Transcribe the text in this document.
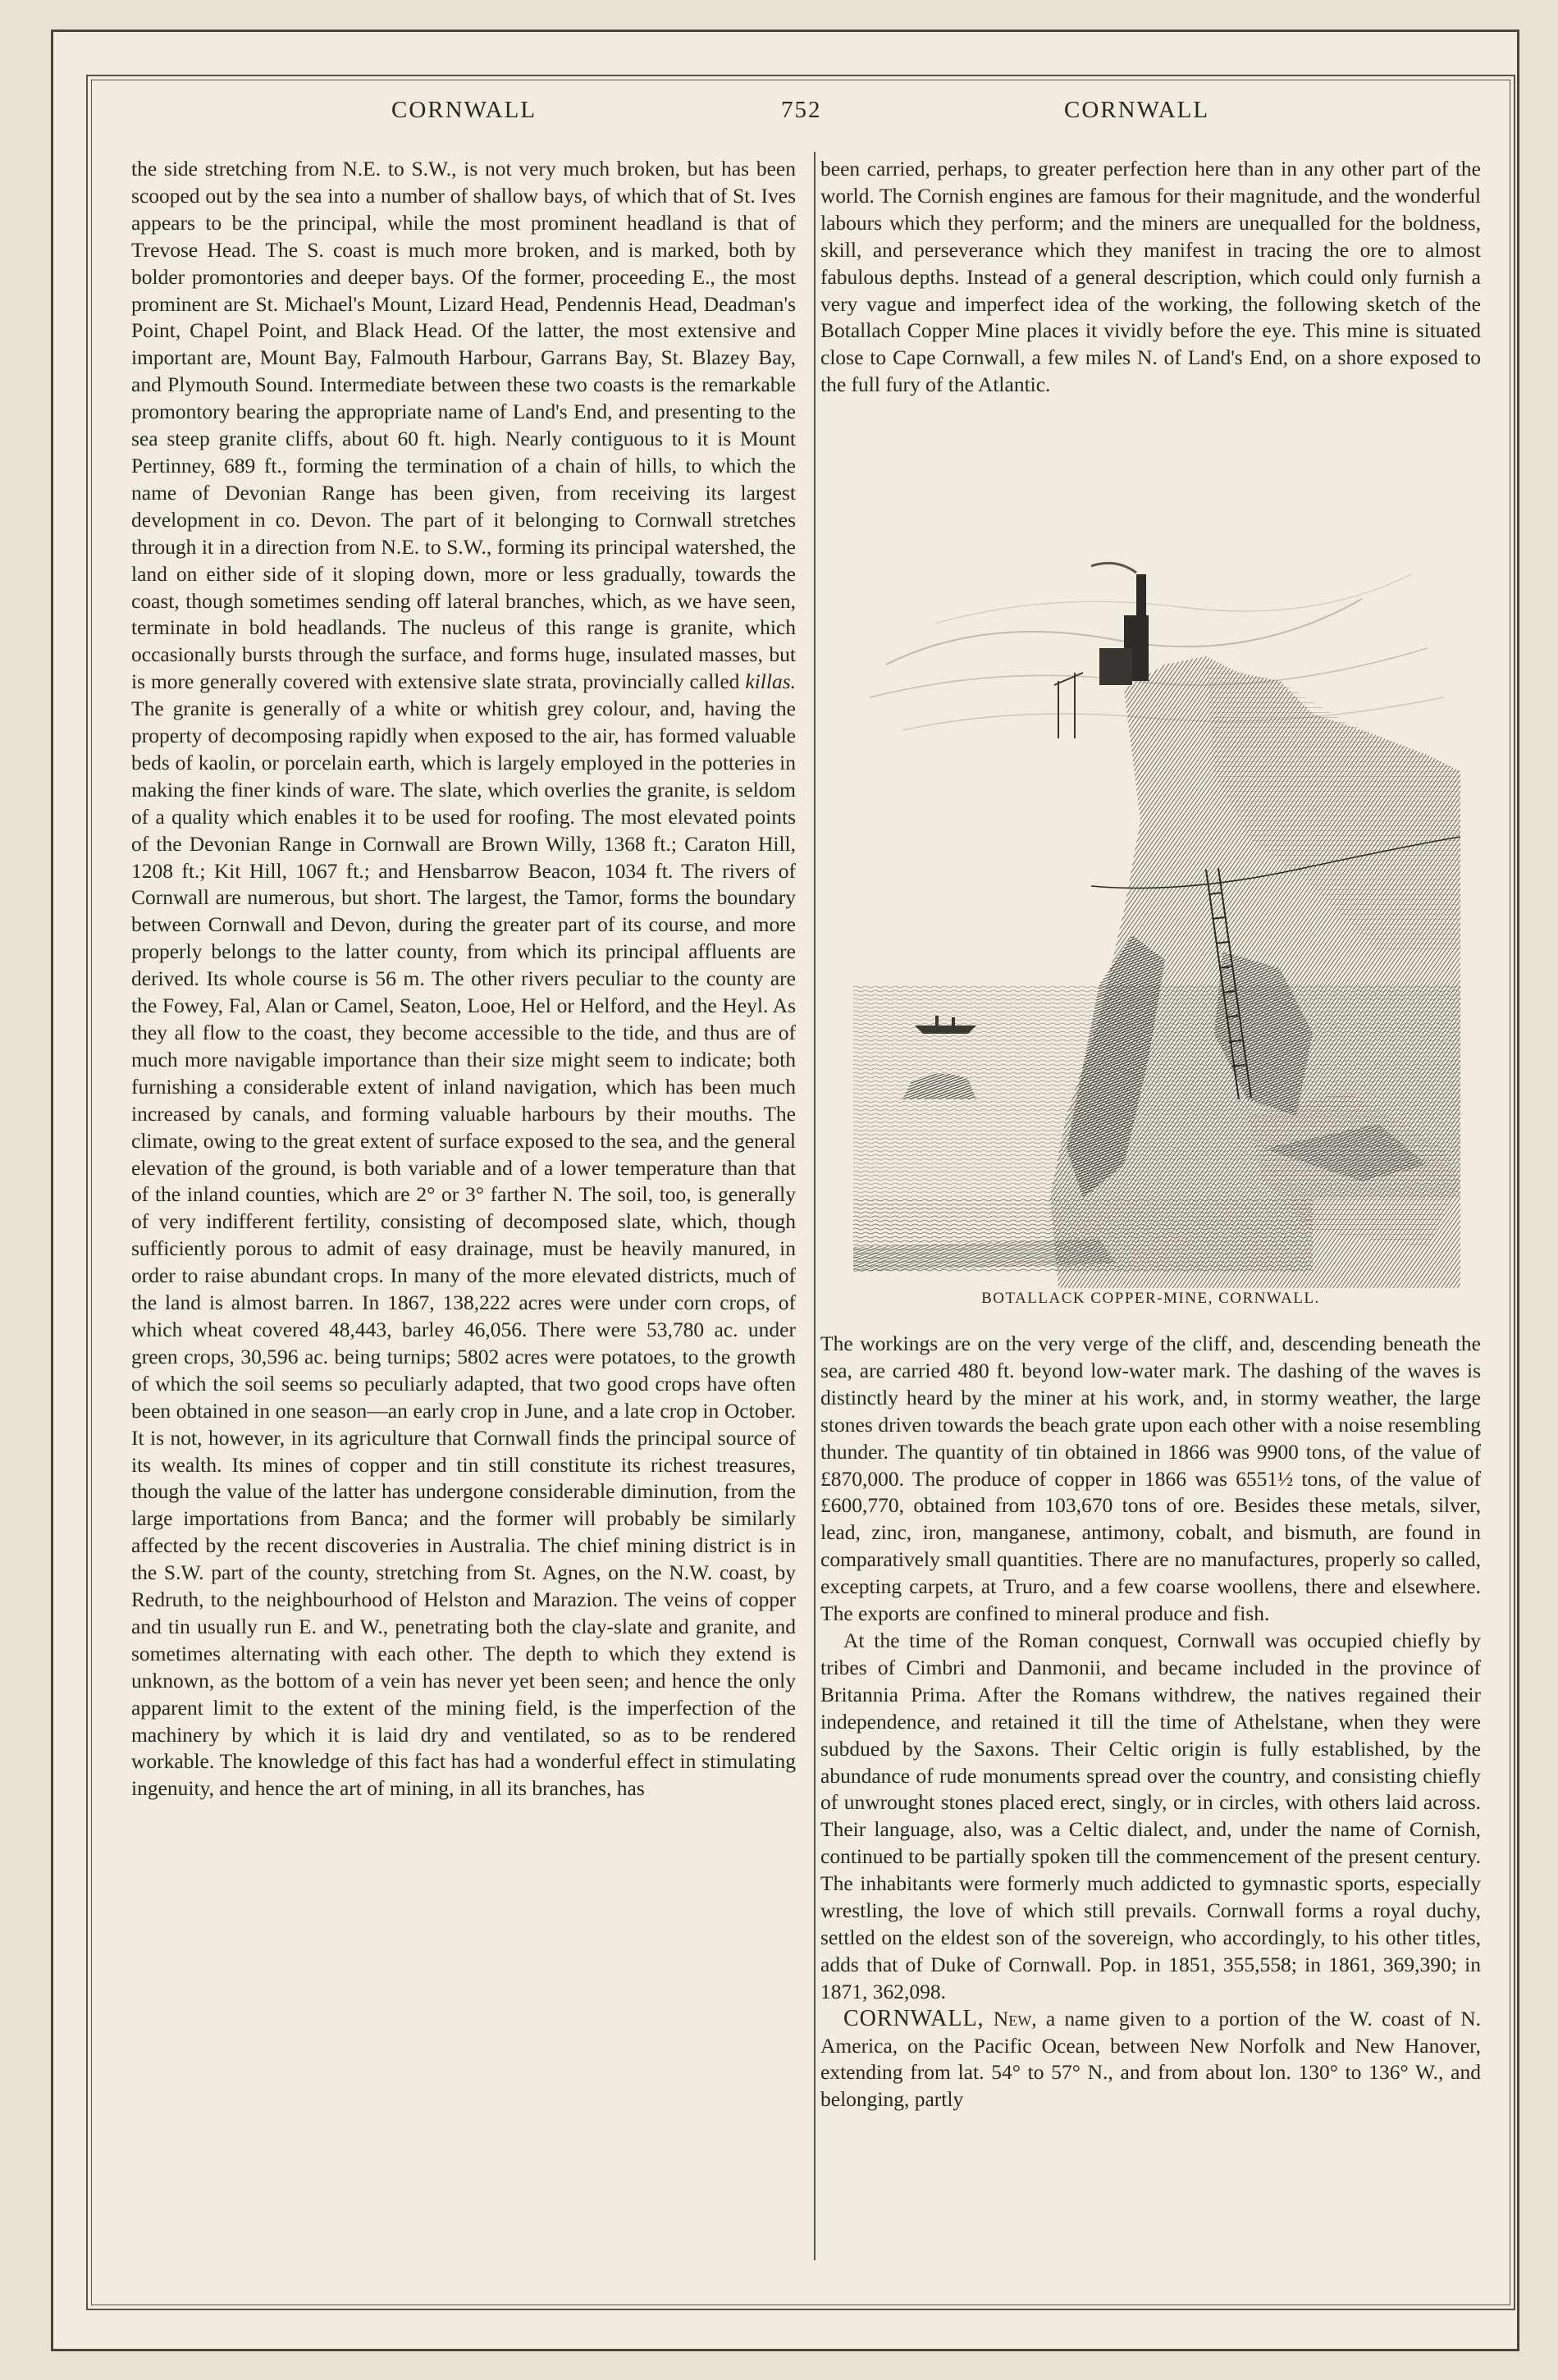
CORNWALL	752	CORNWALL

the side stretching from N.E. to S.W., is not very much broken, but has been scooped out by the sea into a number of shallow bays, of which that of St. Ives appears to be the principal, while the most prominent headland is that of Trevose Head. The S. coast is much more broken, and is marked, both by bolder promontories and deeper bays. Of the former, proceeding E., the most prominent are St. Michael's Mount, Lizard Head, Pendennis Head, Deadman's Point, Chapel Point, and Black Head. Of the latter, the most extensive and important are, Mount Bay, Falmouth Harbour, Garrans Bay, St. Blazey Bay, and Plymouth Sound. Intermediate between these two coasts is the remarkable promontory bearing the appropriate name of Land's End, and presenting to the sea steep granite cliffs, about 60 ft. high. Nearly contiguous to it is Mount Pertinney, 689 ft., forming the termination of a chain of hills, to which the name of Devonian Range has been given, from receiving its largest development in co. Devon. The part of it belonging to Cornwall stretches through it in a direction from N.E. to S.W., forming its principal watershed, the land on either side of it sloping down, more or less gradually, towards the coast, though sometimes sending off lateral branches, which, as we have seen, terminate in bold headlands. The nucleus of this range is granite, which occasionally bursts through the surface, and forms huge, insulated masses, but is more generally covered with extensive slate strata, provincially called killas. The granite is generally of a white or whitish grey colour, and, having the property of decomposing rapidly when exposed to the air, has formed valuable beds of kaolin, or porcelain earth, which is largely employed in the potteries in making the finer kinds of ware. The slate, which overlies the granite, is seldom of a quality which enables it to be used for roofing. The most elevated points of the Devonian Range in Cornwall are Brown Willy, 1368 ft.; Caraton Hill, 1208 ft.; Kit Hill, 1067 ft.; and Hensbarrow Beacon, 1034 ft. The rivers of Cornwall are numerous, but short. The largest, the Tamor, forms the boundary between Cornwall and Devon, during the greater part of its course, and more properly belongs to the latter county, from which its principal affluents are derived. Its whole course is 56 m. The other rivers peculiar to the county are the Fowey, Fal, Alan or Camel, Seaton, Looe, Hel or Helford, and the Heyl. As they all flow to the coast, they become accessible to the tide, and thus are of much more navigable importance than their size might seem to indicate; both furnishing a considerable extent of inland navigation, which has been much increased by canals, and forming valuable harbours by their mouths. The climate, owing to the great extent of surface exposed to the sea, and the general elevation of the ground, is both variable and of a lower temperature than that of the inland counties, which are 2° or 3° farther N. The soil, too, is generally of very indifferent fertility, consisting of decomposed slate, which, though sufficiently porous to admit of easy drainage, must be heavily manured, in order to raise abundant crops. In many of the more elevated districts, much of the land is almost barren. In 1867, 138,222 acres were under corn crops, of which wheat covered 48,443, barley 46,056. There were 53,780 ac. under green crops, 30,596 ac. being turnips; 5802 acres were potatoes, to the growth of which the soil seems so peculiarly adapted, that two good crops have often been obtained in one season—an early crop in June, and a late crop in October. It is not, however, in its agriculture that Cornwall finds the principal source of its wealth. Its mines of copper and tin still constitute its richest treasures, though the value of the latter has undergone considerable diminution, from the large importations from Banca; and the former will probably be similarly affected by the recent discoveries in Australia. The chief mining district is in the S.W. part of the county, stretching from St. Agnes, on the N.W. coast, by Redruth, to the neighbourhood of Helston and Marazion. The veins of copper and tin usually run E. and W., penetrating both the clay-slate and granite, and sometimes alternating with each other. The depth to which they extend is unknown, as the bottom of a vein has never yet been seen; and hence the only apparent limit to the extent of the mining field, is the imperfection of the machinery by which it is laid dry and ventilated, so as to be rendered workable. The knowledge of this fact has had a wonderful effect in stimulating ingenuity, and hence the art of mining, in all its branches, has

been carried, perhaps, to greater perfection here than in any other part of the world. The Cornish engines are famous for their magnitude, and the wonderful labours which they perform; and the miners are unequalled for the boldness, skill, and perseverance which they manifest in tracing the ore to almost fabulous depths. Instead of a general description, which could only furnish a very vague and imperfect idea of the working, the following sketch of the Botallach Copper Mine places it vividly before the eye. This mine is situated close to Cape Cornwall, a few miles N. of Land's End, on a shore exposed to the full fury of the Atlantic.

BOTALLACK COPPER-MINE, CORNWALL.

The workings are on the very verge of the cliff, and, descending beneath the sea, are carried 480 ft. beyond low-water mark. The dashing of the waves is distinctly heard by the miner at his work, and, in stormy weather, the large stones driven towards the beach grate upon each other with a noise resembling thunder. The quantity of tin obtained in 1866 was 9900 tons, of the value of £870,000. The produce of copper in 1866 was 6551½ tons, of the value of £600,770, obtained from 103,670 tons of ore. Besides these metals, silver, lead, zinc, iron, manganese, antimony, cobalt, and bismuth, are found in comparatively small quantities. There are no manufactures, properly so called, excepting carpets, at Truro, and a few coarse woollens, there and elsewhere. The exports are confined to mineral produce and fish.

At the time of the Roman conquest, Cornwall was occupied chiefly by tribes of Cimbri and Danmonii, and became included in the province of Britannia Prima. After the Romans withdrew, the natives regained their independence, and retained it till the time of Athelstane, when they were subdued by the Saxons. Their Celtic origin is fully established, by the abundance of rude monuments spread over the country, and consisting chiefly of unwrought stones placed erect, singly, or in circles, with others laid across. Their language, also, was a Celtic dialect, and, under the name of Cornish, continued to be partially spoken till the commencement of the present century. The inhabitants were formerly much addicted to gymnastic sports, especially wrestling, the love of which still prevails. Cornwall forms a royal duchy, settled on the eldest son of the sovereign, who accordingly, to his other titles, adds that of Duke of Cornwall. Pop. in 1851, 355,558; in 1861, 369,390; in 1871, 362,098.

CORNWALL, New, a name given to a portion of the W. coast of N. America, on the Pacific Ocean, between New Norfolk and New Hanover, extending from lat. 54° to 57° N., and from about lon. 130° to 136° W., and belonging, partly
